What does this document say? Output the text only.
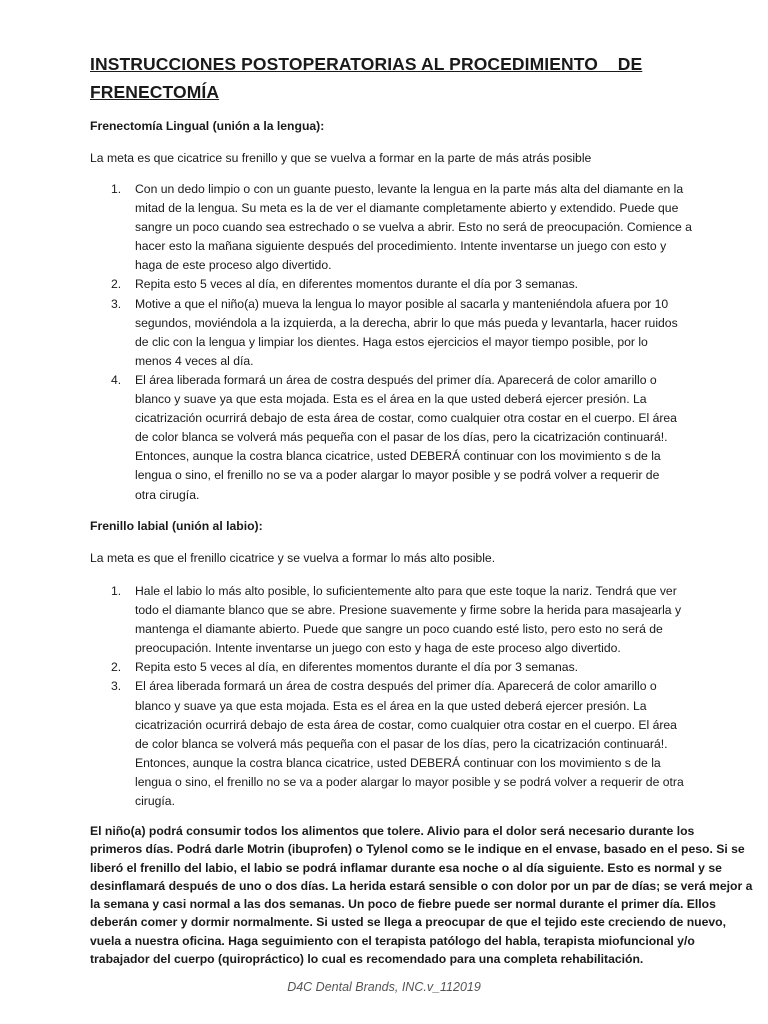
INSTRUCCIONES POSTOPERATORIAS AL PROCEDIMIENTO    DE
FRENECTOMÍA
Frenectomía Lingual (unión a la lengua):
La meta es que cicatrice su frenillo y que se vuelva a formar en la parte de más atrás posible
1. Con un dedo limpio o con un guante puesto, levante la lengua en la parte más alta del diamante en la
mitad de la lengua. Su meta es la de ver el diamante completamente abierto y extendido. Puede que
sangre un poco cuando sea estrechado o se vuelva a abrir. Esto no será de preocupación. Comience a
hacer esto la mañana siguiente después del procedimiento. Intente inventarse un juego con esto y
haga de este proceso algo divertido.
2. Repita esto 5 veces al día, en diferentes momentos durante el día por 3 semanas.
3. Motive a que el niño(a) mueva la lengua lo mayor posible al sacarla y manteniéndola afuera por 10
segundos, moviéndola a la izquierda, a la derecha, abrir lo que más pueda y levantarla, hacer ruidos
de clic con la lengua y limpiar los dientes. Haga estos ejercicios el mayor tiempo posible, por lo
menos 4 veces al día.
4. El área liberada formará un área de costra después del primer día. Aparecerá de color amarillo o
blanco y suave ya que esta mojada. Esta es el área en la que usted deberá ejercer presión. La
cicatrización ocurrirá debajo de esta área de costar, como cualquier otra costar en el cuerpo. El área
de color blanca se volverá más pequeña con el pasar de los días, pero la cicatrización continuará!.
Entonces, aunque la costra blanca cicatrice, usted DEBERÁ continuar con los movimiento s de la
lengua o sino, el frenillo no se va a poder alargar lo mayor posible y se podrá volver a requerir de
otra cirugía.
Frenillo labial (unión al labio):
La meta es que el frenillo cicatrice y se vuelva a formar lo más alto posible.
1. Hale el labio lo más alto posible, lo suficientemente alto para que este toque la nariz. Tendrá que ver
todo el diamante blanco que se abre. Presione suavemente y firme sobre la herida para masajearla y
mantenga el diamante abierto. Puede que sangre un poco cuando esté listo, pero esto no será de
preocupación. Intente inventarse un juego con esto y haga de este proceso algo divertido.
2. Repita esto 5 veces al día, en diferentes momentos durante el día por 3 semanas.
3. El área liberada formará un área de costra después del primer día. Aparecerá de color amarillo o
blanco y suave ya que esta mojada. Esta es el área en la que usted deberá ejercer presión. La
cicatrización ocurrirá debajo de esta área de costar, como cualquier otra costar en el cuerpo. El área
de color blanca se volverá más pequeña con el pasar de los días, pero la cicatrización continuará!.
Entonces, aunque la costra blanca cicatrice, usted DEBERÁ continuar con los movimiento s de la
lengua o sino, el frenillo no se va a poder alargar lo mayor posible y se podrá volver a requerir de otra
cirugía.
El niño(a) podrá consumir todos los alimentos que tolere. Alivio para el dolor será necesario durante los
primeros días. Podrá darle Motrin (ibuprofen) o Tylenol como se le indique en el envase, basado en el peso. Si se
liberó el frenillo del labio, el labio se podrá inflamar durante esa noche o al día siguiente. Esto es normal y se
desinflamará después de uno o dos días. La herida estará sensible o con dolor por un par de días; se verá mejor a
la semana y casi normal a las dos semanas. Un poco de fiebre puede ser normal durante el primer día. Ellos
deberán comer y dormir normalmente. Si usted se llega a preocupar de que el tejido este creciendo de nuevo,
vuela a nuestra oficina. Haga seguimiento con el terapista patólogo del habla, terapista miofuncional y/o
trabajador del cuerpo (quiropráctico) lo cual es recomendado para una completa rehabilitación.
D4C Dental Brands, INC.v_112019
